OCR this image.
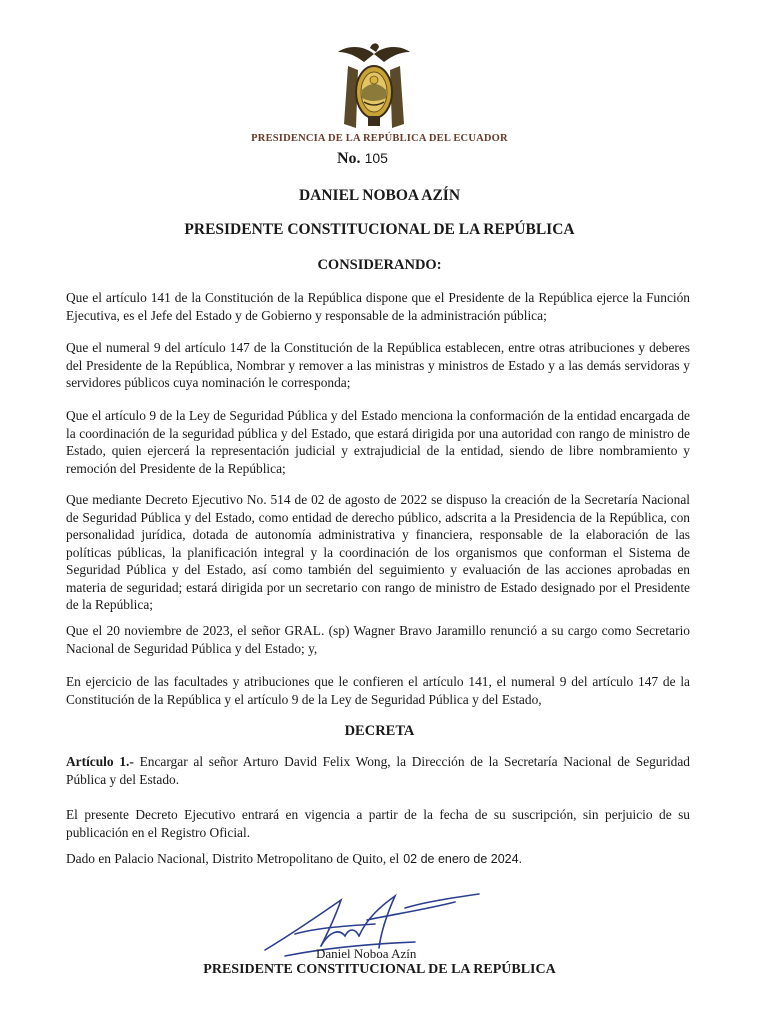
PRESIDENCIA DE LA REPÚBLICA DEL ECUADOR
No. 105
DANIEL NOBOA AZÍN
PRESIDENTE CONSTITUCIONAL DE LA REPÚBLICA
CONSIDERANDO:

Que el artículo 141 de la Constitución de la República dispone que el Presidente de la República ejerce la Función Ejecutiva, es el Jefe del Estado y de Gobierno y responsable de la administración pública;

Que el numeral 9 del artículo 147 de la Constitución de la República establecen, entre otras atribuciones y deberes del Presidente de la República, Nombrar y remover a las ministras y ministros de Estado y a las demás servidoras y servidores públicos cuya nominación le corresponda;

Que el artículo 9 de la Ley de Seguridad Pública y del Estado menciona la conformación de la entidad encargada de la coordinación de la seguridad pública y del Estado, que estará dirigida por una autoridad con rango de ministro de Estado, quien ejercerá la representación judicial y extrajudicial de la entidad, siendo de libre nombramiento y remoción del Presidente de la República;

Que mediante Decreto Ejecutivo No. 514 de 02 de agosto de 2022 se dispuso la creación de la Secretaría Nacional de Seguridad Pública y del Estado, como entidad de derecho público, adscrita a la Presidencia de la República, con personalidad jurídica, dotada de autonomía administrativa y financiera, responsable de la elaboración de las políticas públicas, la planificación integral y la coordinación de los organismos que conforman el Sistema de Seguridad Pública y del Estado, así como también del seguimiento y evaluación de las acciones aprobadas en materia de seguridad; estará dirigida por un secretario con rango de ministro de Estado designado por el Presidente de la República;

Que el 20 noviembre de 2023, el señor GRAL. (sp) Wagner Bravo Jaramillo renunció a su cargo como Secretario Nacional de Seguridad Pública y del Estado; y,

En ejercicio de las facultades y atribuciones que le confieren el artículo 141, el numeral 9 del artículo 147 de la Constitución de la República y el artículo 9 de la Ley de Seguridad Pública y del Estado,

DECRETA

Artículo 1.- Encargar al señor Arturo David Felix Wong, la Dirección de la Secretaría Nacional de Seguridad Pública y del Estado.

El presente Decreto Ejecutivo entrará en vigencia a partir de la fecha de su suscripción, sin perjuicio de su publicación en el Registro Oficial.

Dado en Palacio Nacional, Distrito Metropolitano de Quito, el 02 de enero de 2024.
Daniel Noboa Azín
PRESIDENTE CONSTITUCIONAL DE LA REPÚBLICA
